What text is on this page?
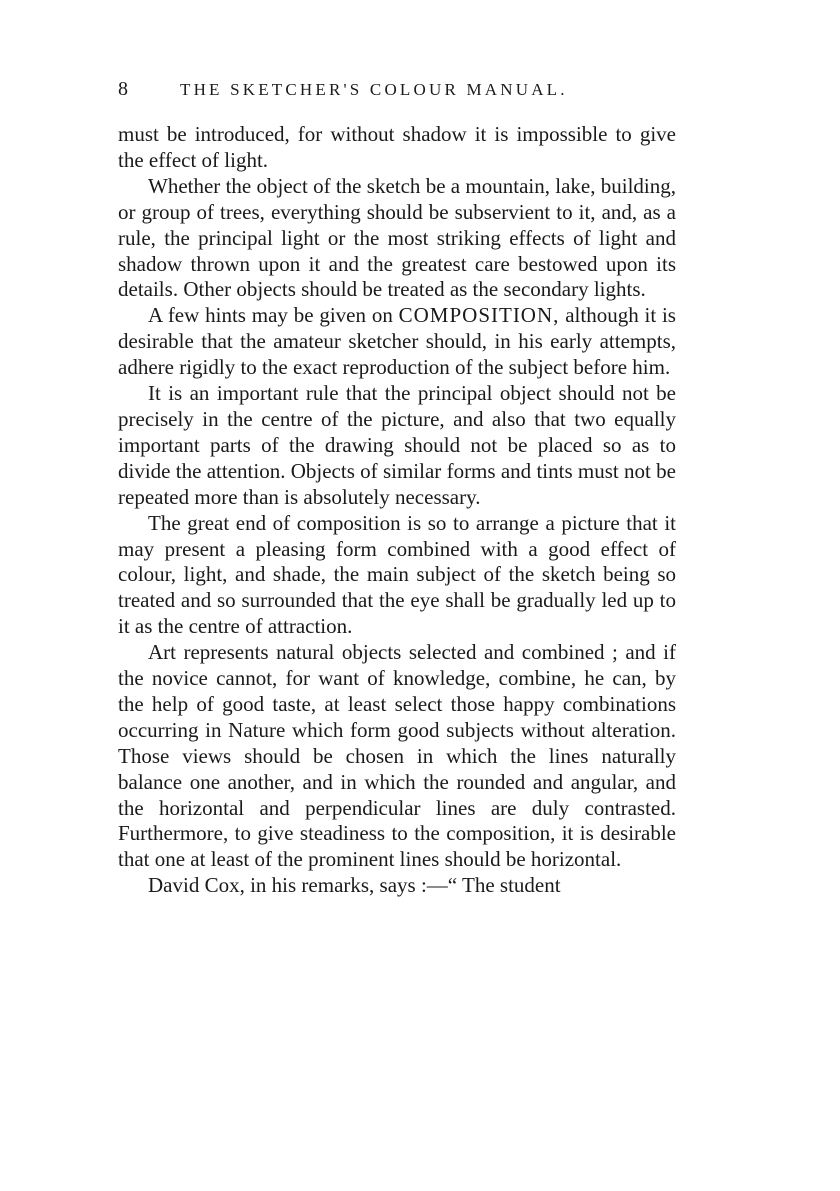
8	THE SKETCHER'S COLOUR MANUAL.

must be introduced, for without shadow it is impossible to give the effect of light.

Whether the object of the sketch be a mountain, lake, building, or group of trees, everything should be subservient to it, and, as a rule, the principal light or the most striking effects of light and shadow thrown upon it and the greatest care bestowed upon its details. Other objects should be treated as the secondary lights.

A few hints may be given on COMPOSITION, although it is desirable that the amateur sketcher should, in his early attempts, adhere rigidly to the exact reproduction of the subject before him.

It is an important rule that the principal object should not be precisely in the centre of the picture, and also that two equally important parts of the drawing should not be placed so as to divide the attention. Objects of similar forms and tints must not be repeated more than is absolutely necessary.

The great end of composition is so to arrange a picture that it may present a pleasing form combined with a good effect of colour, light, and shade, the main subject of the sketch being so treated and so surrounded that the eye shall be gradually led up to it as the centre of attraction.

Art represents natural objects selected and combined ; and if the novice cannot, for want of knowledge, combine, he can, by the help of good taste, at least select those happy combinations occurring in Nature which form good subjects without alteration. Those views should be chosen in which the lines naturally balance one another, and in which the rounded and angular, and the horizontal and perpendicular lines are duly contrasted. Furthermore, to give steadiness to the composition, it is desirable that one at least of the prominent lines should be horizontal.

David Cox, in his remarks, says :—“ The student
